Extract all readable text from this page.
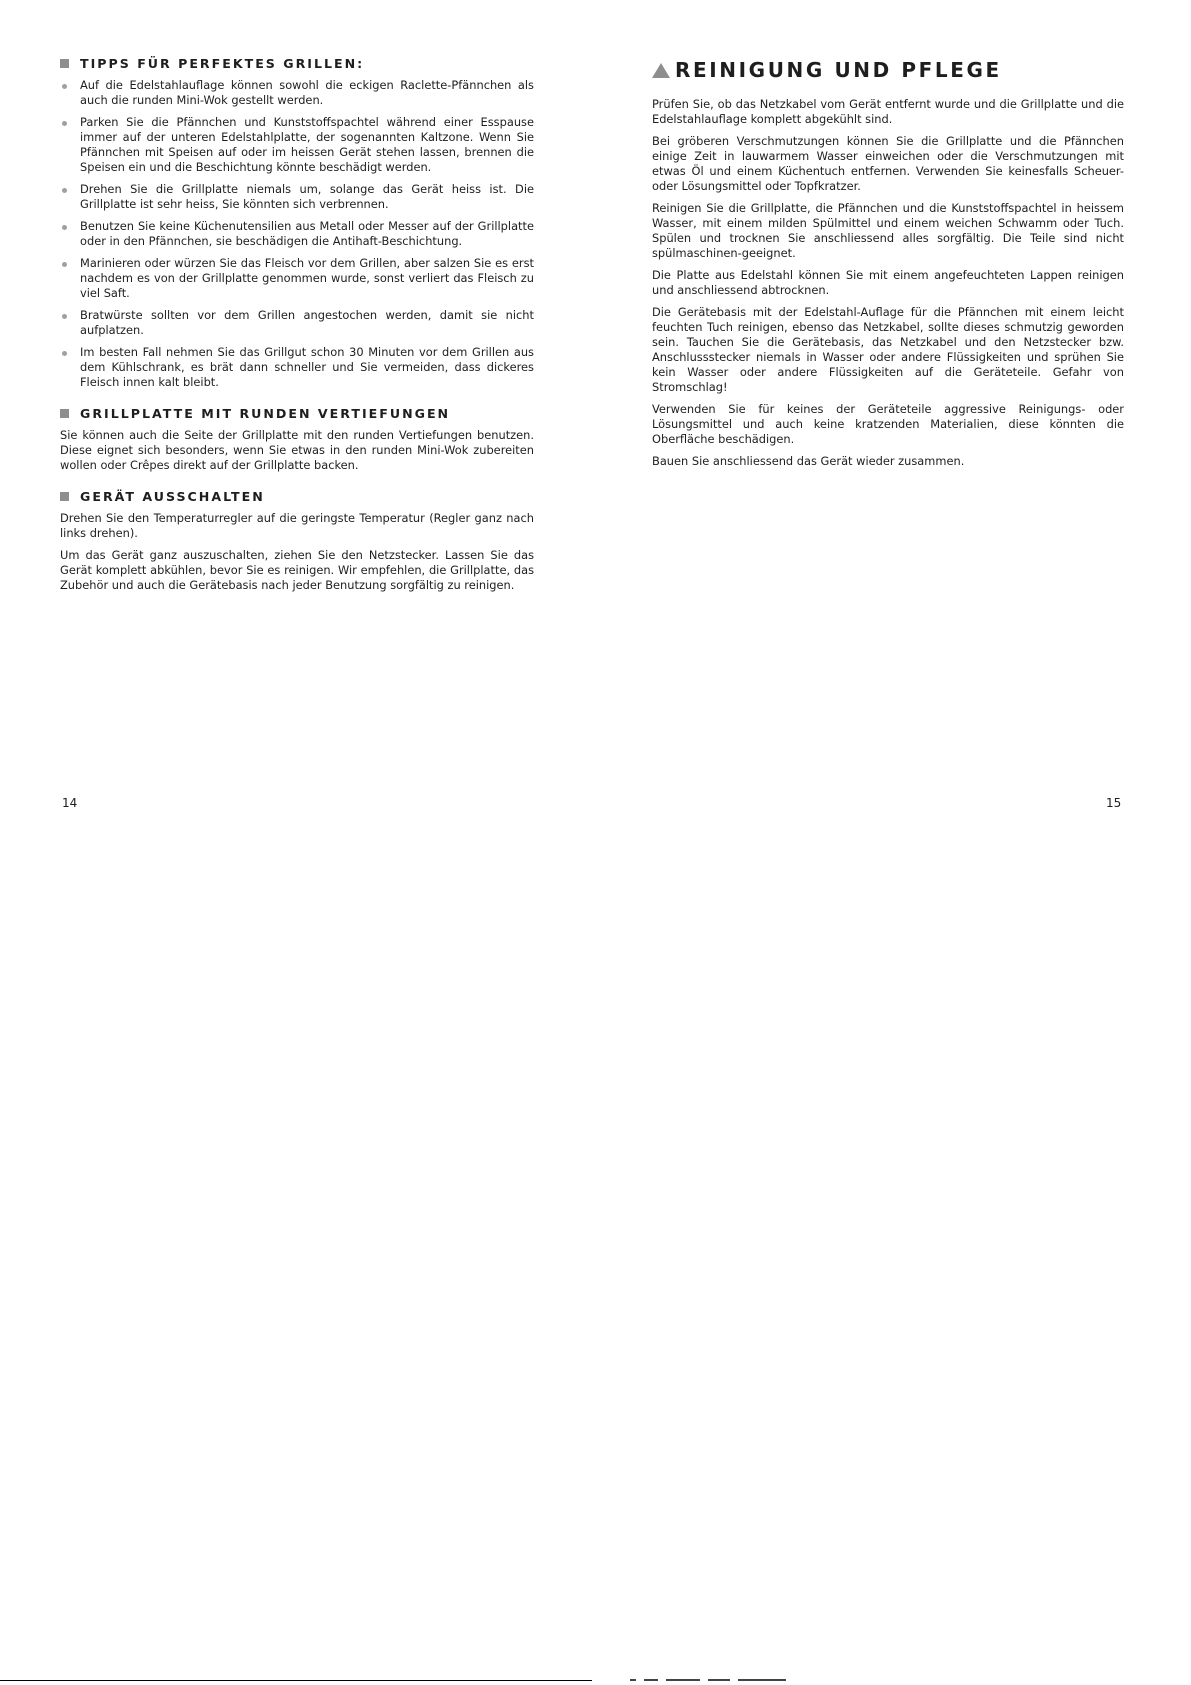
TIPPS FÜR PERFEKTES GRILLEN:
Auf die Edelstahlauflage können sowohl die eckigen Raclette-Pfännchen als auch die runden Mini-Wok gestellt werden.
Parken Sie die Pfännchen und Kunststoffspachtel während einer Esspause immer auf der unteren Edelstahlplatte, der sogenannten Kaltzone. Wenn Sie Pfännchen mit Speisen auf oder im heissen Gerät stehen lassen, brennen die Speisen ein und die Beschichtung könnte beschädigt werden.
Drehen Sie die Grillplatte niemals um, solange das Gerät heiss ist. Die Grillplatte ist sehr heiss, Sie könnten sich verbrennen.
Benutzen Sie keine Küchenutensilien aus Metall oder Messer auf der Grillplatte oder in den Pfännchen, sie beschädigen die Antihaft-Beschichtung.
Marinieren oder würzen Sie das Fleisch vor dem Grillen, aber salzen Sie es erst nachdem es von der Grillplatte genommen wurde, sonst verliert das Fleisch zu viel Saft.
Bratwürste sollten vor dem Grillen angestochen werden, damit sie nicht aufplatzen.
Im besten Fall nehmen Sie das Grillgut schon 30 Minuten vor dem Grillen aus dem Kühlschrank, es brät dann schneller und Sie vermeiden, dass dickeres Fleisch innen kalt bleibt.
GRILLPLATTE MIT RUNDEN VERTIEFUNGEN

Sie können auch die Seite der Grillplatte mit den runden Vertiefungen benutzen. Diese eignet sich besonders, wenn Sie etwas in den runden Mini-Wok zubereiten wollen oder Crêpes direkt auf der Grillplatte backen.

GERÄT AUSSCHALTEN

Drehen Sie den Temperaturregler auf die geringste Temperatur (Regler ganz nach links drehen).

Um das Gerät ganz auszuschalten, ziehen Sie den Netzstecker. Lassen Sie das Gerät komplett abkühlen, bevor Sie es reinigen. Wir empfehlen, die Grillplatte, das Zubehör und auch die Gerätebasis nach jeder Benutzung sorgfältig zu reinigen.

REINIGUNG UND PFLEGE

Prüfen Sie, ob das Netzkabel vom Gerät entfernt wurde und die Grillplatte und die Edelstahlauflage komplett abgekühlt sind.

Bei gröberen Verschmutzungen können Sie die Grillplatte und die Pfännchen einige Zeit in lauwarmem Wasser einweichen oder die Verschmutzungen mit etwas Öl und einem Küchentuch entfernen. Verwenden Sie keinesfalls Scheuer- oder Lösungsmittel oder Topfkratzer.

Reinigen Sie die Grillplatte, die Pfännchen und die Kunststoffspachtel in heissem Wasser, mit einem milden Spülmittel und einem weichen Schwamm oder Tuch. Spülen und trocknen Sie anschliessend alles sorgfältig. Die Teile sind nicht spülmaschinen-geeignet.

Die Platte aus Edelstahl können Sie mit einem angefeuchteten Lappen reinigen und anschliessend abtrocknen.

Die Gerätebasis mit der Edelstahl-Auflage für die Pfännchen mit einem leicht feuchten Tuch reinigen, ebenso das Netzkabel, sollte dieses schmutzig geworden sein. Tauchen Sie die Gerätebasis, das Netzkabel und den Netzstecker bzw. Anschlussstecker niemals in Wasser oder andere Flüssigkeiten und sprühen Sie kein Wasser oder andere Flüssigkeiten auf die Geräteteile. Gefahr von Stromschlag!

Verwenden Sie für keines der Geräteteile aggressive Reinigungs- oder Lösungsmittel und auch keine kratzenden Materialien, diese könnten die Oberfläche beschädigen.

Bauen Sie anschliessend das Gerät wieder zusammen.

14	15
